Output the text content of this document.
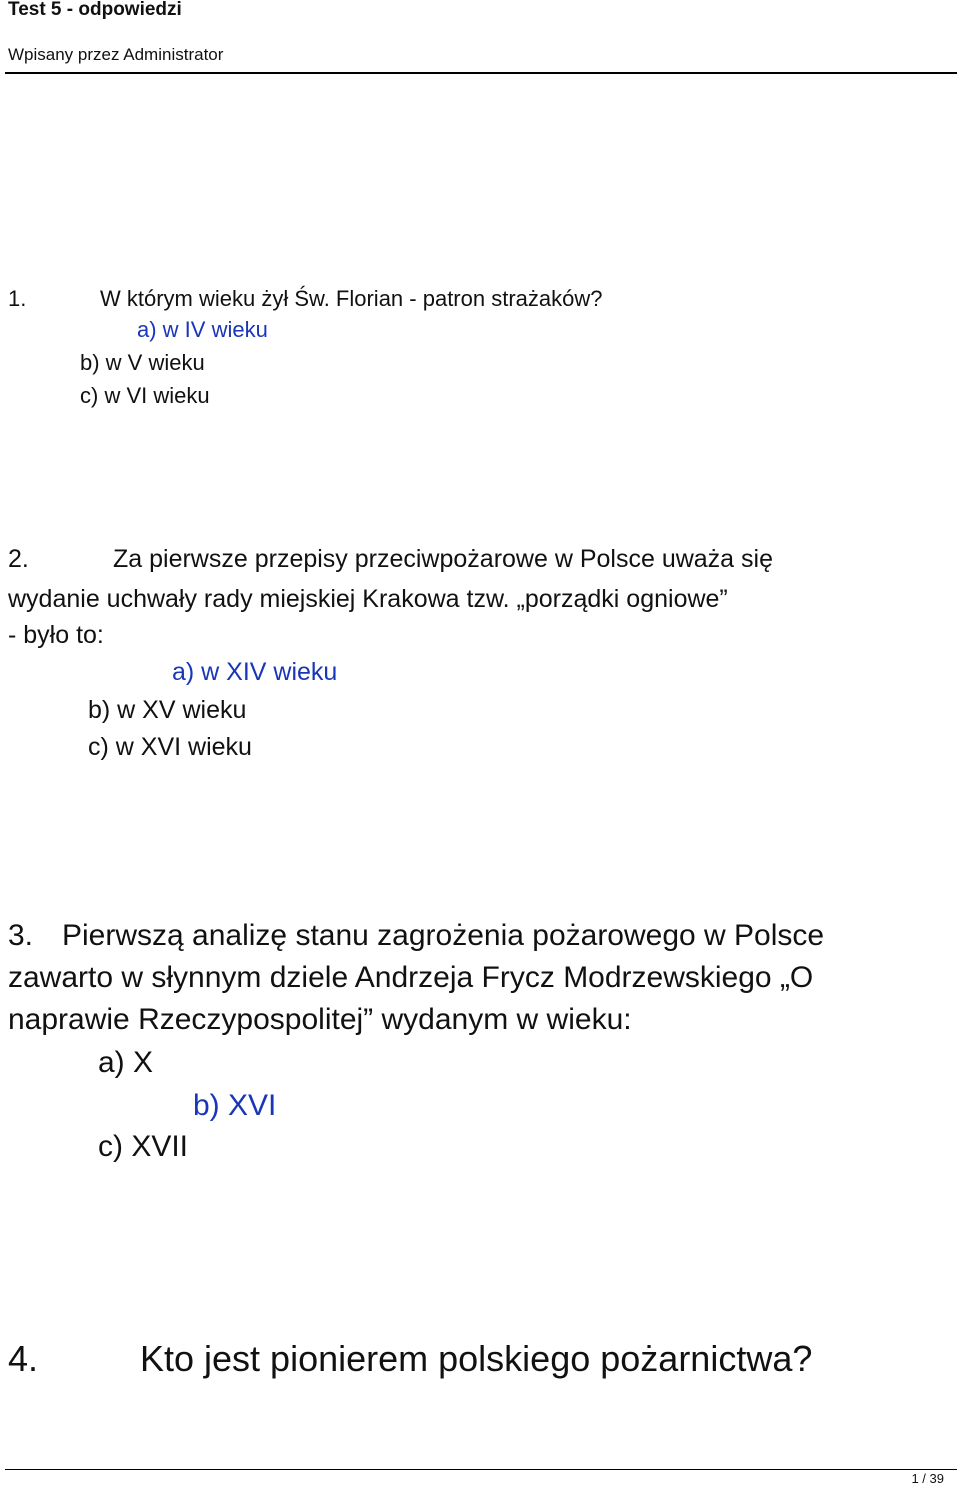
Test 5 - odpowiedzi
Wpisany przez Administrator
1.	W którym wieku żył Św. Florian - patron strażaków?
a) w IV wieku
b) w V wieku
c) w VI wieku
2.	Za pierwsze przepisy przeciwpożarowe w Polsce uważa się
wydanie uchwały rady miejskiej Krakowa tzw. „porządki ogniowe”
- było to:
a) w XIV wieku
b) w XV wieku
c) w XVI wieku
3. Pierwszą analizę stanu zagrożenia pożarowego w Polsce
zawarto w słynnym dziele Andrzeja Frycz Modrzewskiego „O
naprawie Rzeczypospolitej” wydanym w wieku:
a) X
b) XVI
c) XVII
4.	Kto jest pionierem polskiego pożarnictwa?
1 / 39
